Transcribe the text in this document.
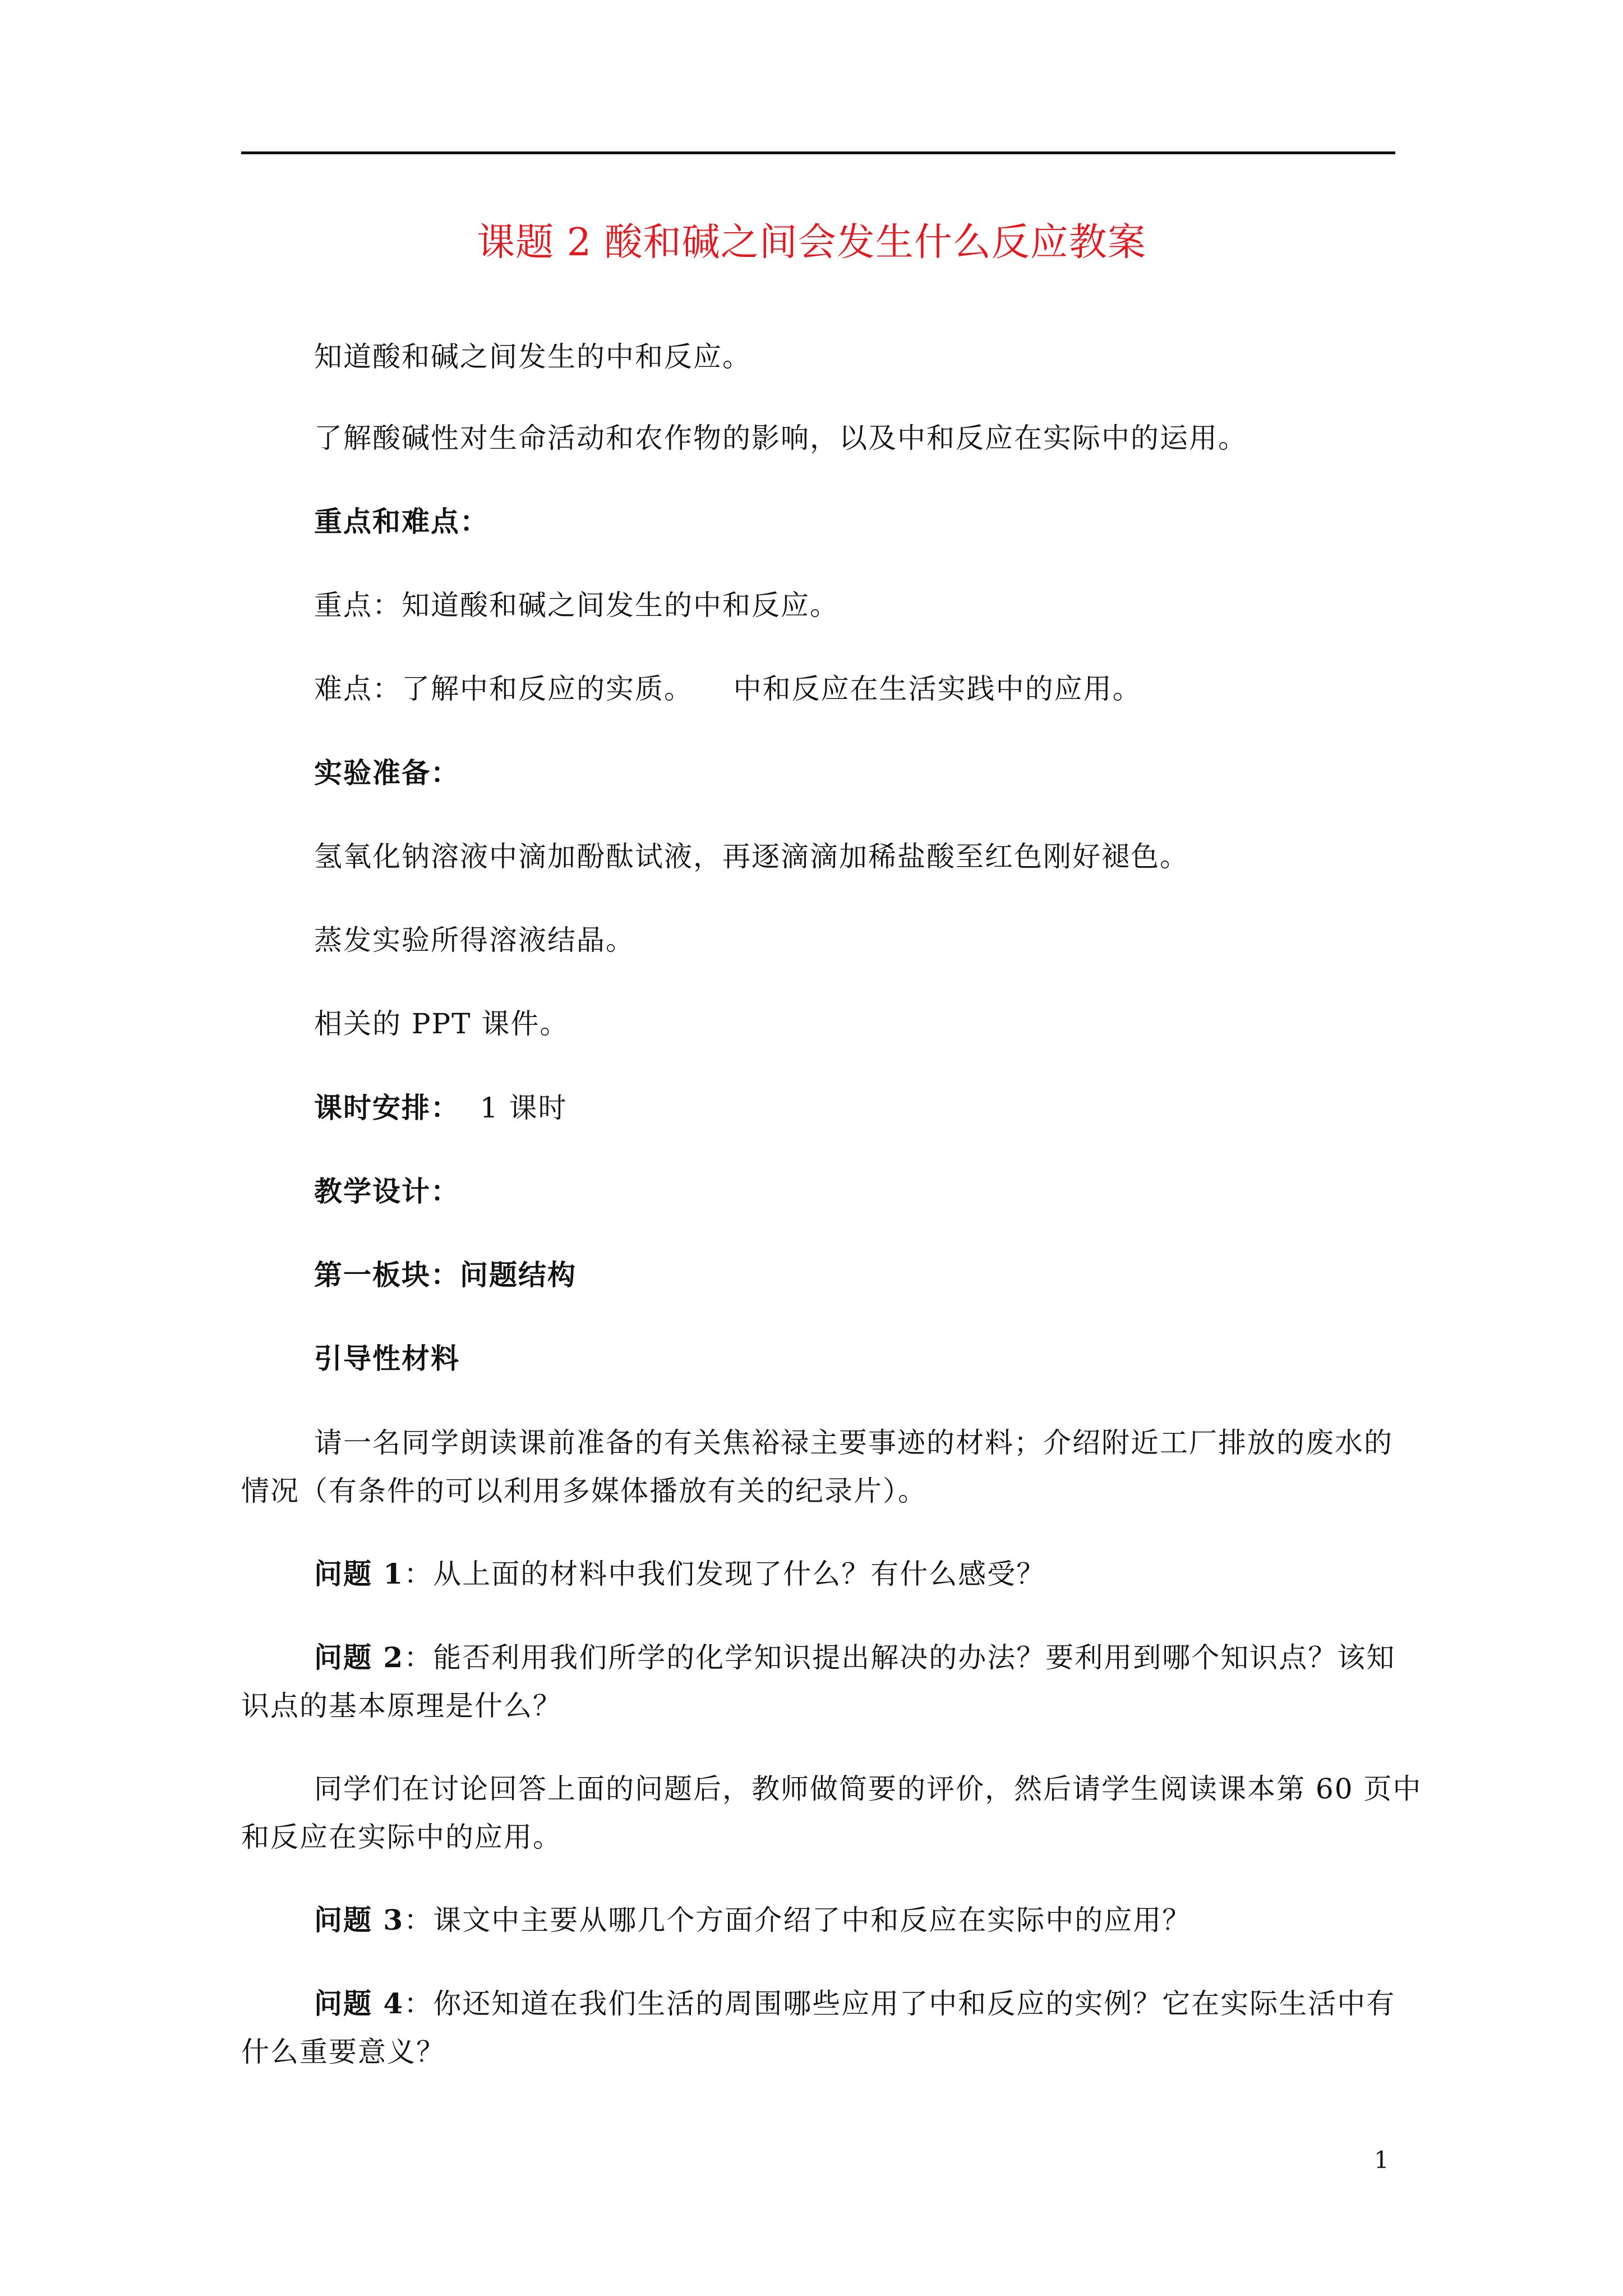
课题 2 酸和碱之间会发生什么反应教案
知道酸和碱之间发生的中和反应。
了解酸碱性对生命活动和农作物的影响，以及中和反应在实际中的运用。
重点和难点：
重点：知道酸和碱之间发生的中和反应。
难点：了解中和反应的实质。    中和反应在生活实践中的应用。
实验准备：
氢氧化钠溶液中滴加酚酞试液，再逐滴滴加稀盐酸至红色刚好褪色。
蒸发实验所得溶液结晶。
相关的 PPT 课件。
课时安排：  1 课时
教学设计：
第一板块：问题结构
引导性材料
请一名同学朗读课前准备的有关焦裕禄主要事迹的材料；介绍附近工厂排放的废水的
情况（有条件的可以利用多媒体播放有关的纪录片）。
问题 1：从上面的材料中我们发现了什么？有什么感受？
问题 2：能否利用我们所学的化学知识提出解决的办法？要利用到哪个知识点？该知
识点的基本原理是什么？
同学们在讨论回答上面的问题后，教师做简要的评价，然后请学生阅读课本第 60 页中
和反应在实际中的应用。
问题 3：课文中主要从哪几个方面介绍了中和反应在实际中的应用？
问题 4：你还知道在我们生活的周围哪些应用了中和反应的实例？它在实际生活中有
什么重要意义？
1
